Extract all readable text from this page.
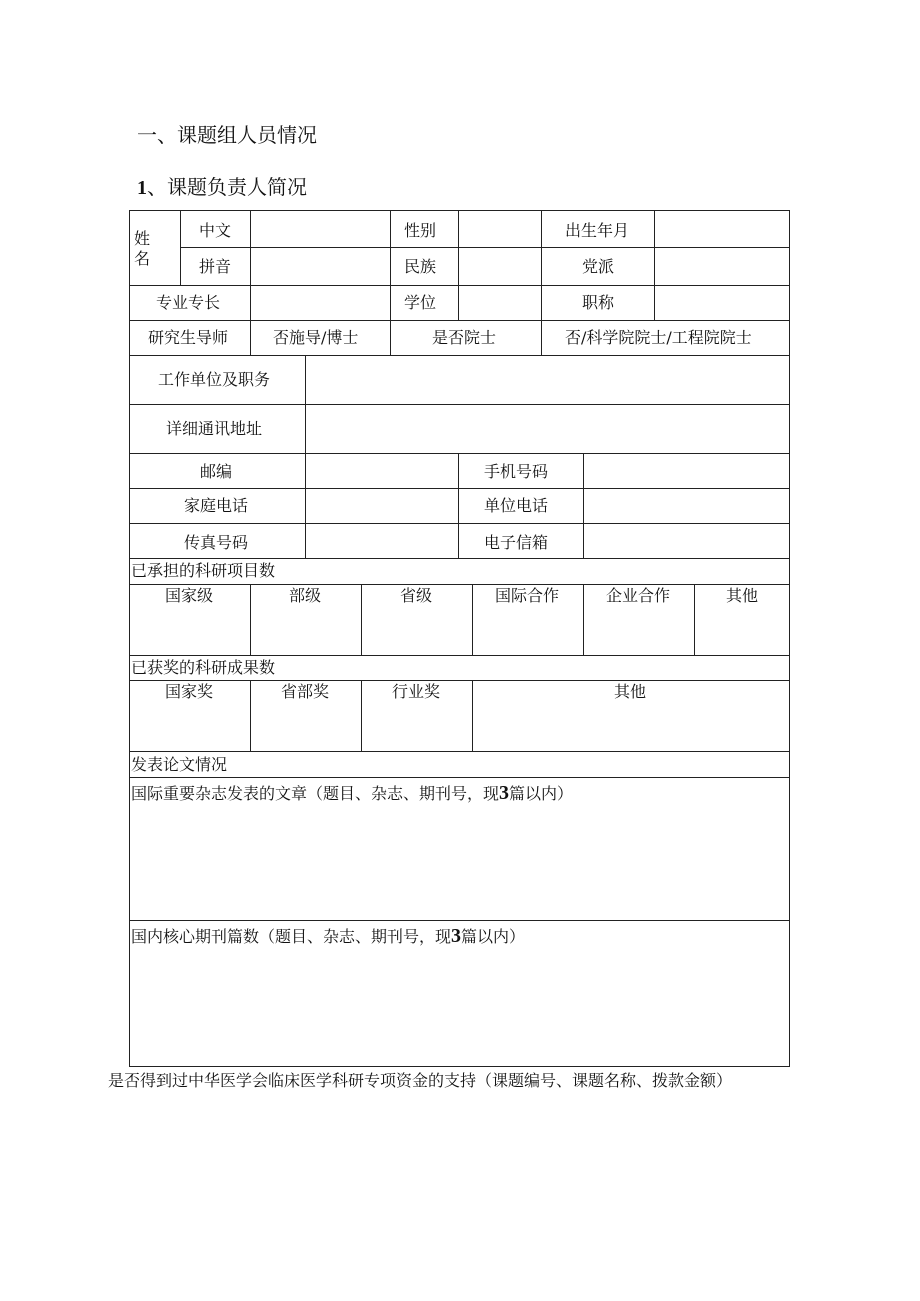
一、课题组人员情况
1、课题负责人简况
姓名
中文	性别	出生年月
拼音	民族	党派
专业专长	学位	职称
研究生导师	否施导/博士	是否院士	否/科学院院士/工程院院士
工作单位及职务
详细通讯地址
邮编	手机号码
家庭电话	单位电话
传真号码	电子信箱
已承担的科研项目数
国家级	部级	省级	国际合作	企业合作	其他
已获奖的科研成果数
国家奖	省部奖	行业奖	其他
发表论文情况
国际重要杂志发表的文章（题目、杂志、期刊号，现3篇以内）
国内核心期刊篇数（题目、杂志、期刊号，现3篇以内）
是否得到过中华医学会临床医学科研专项资金的支持（课题编号、课题名称、拨款金额）
